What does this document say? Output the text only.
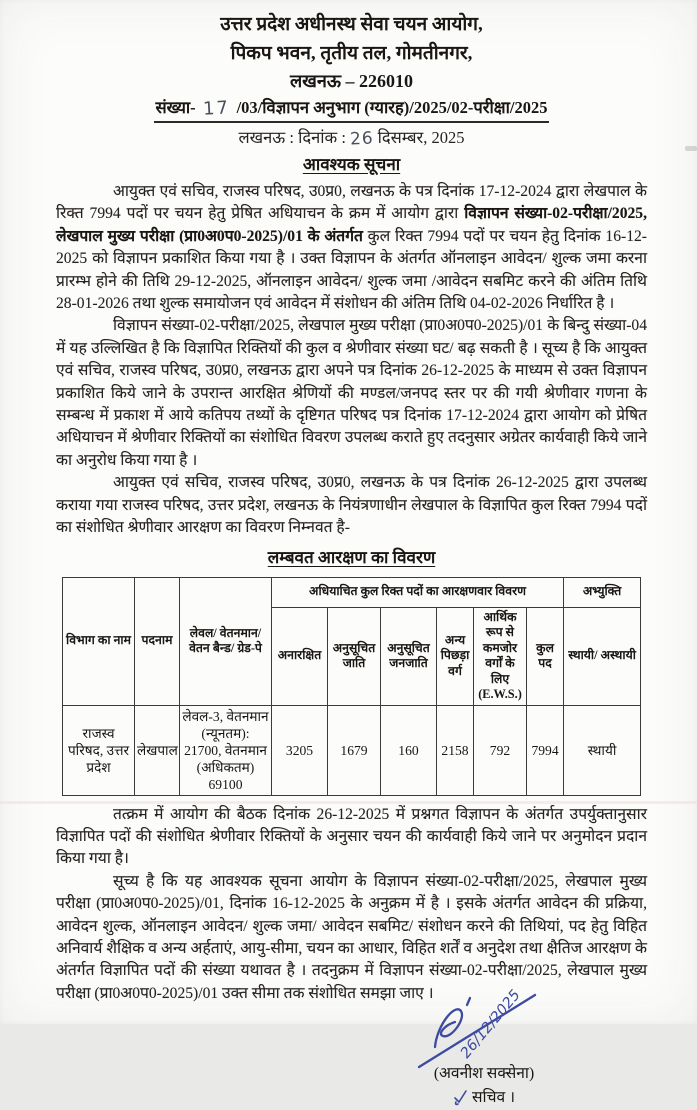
उत्तर प्रदेश अधीनस्थ सेवा चयन आयोग,
पिकप भवन, तृतीय तल, गोमतीनगर,
लखनऊ – 226010
संख्या- 17 /03/विज्ञापन अनुभाग (ग्यारह)/2025/02-परीक्षा/2025
लखनऊ : दिनांक : 26 दिसम्बर, 2025
आवश्यक सूचना

आयुक्त एवं सचिव, राजस्व परिषद, उ0प्र0, लखनऊ के पत्र दिनांक 17-12-2024 द्वारा लेखपाल के रिक्त 7994 पदों पर चयन हेतु प्रेषित अधियाचन के क्रम में आयोग द्वारा विज्ञापन संख्या-02-परीक्षा/2025, लेखपाल मुख्य परीक्षा (प्रा0अ0प0-2025)/01 के अंतर्गत कुल रिक्त 7994 पदों पर चयन हेतु दिनांक 16-12-2025 को विज्ञापन प्रकाशित किया गया है । उक्त विज्ञापन के अंतर्गत ऑनलाइन आवेदन/ शुल्क जमा करना प्रारम्भ होने की तिथि 29-12-2025, ऑनलाइन आवेदन/ शुल्क जमा /आवेदन सबमिट करने की अंतिम तिथि 28-01-2026 तथा शुल्क समायोजन एवं आवेदन में संशोधन की अंतिम तिथि 04-02-2026 निर्धारित है ।

विज्ञापन संख्या-02-परीक्षा/2025, लेखपाल मुख्य परीक्षा (प्रा0अ0प0-2025)/01 के बिन्दु संख्या-04 में यह उल्लिखित है कि विज्ञापित रिक्तियों की कुल व श्रेणीवार संख्या घट/ बढ़ सकती है । सूच्य है कि आयुक्त एवं सचिव, राजस्व परिषद, उ0प्र0, लखनऊ द्वारा अपने पत्र दिनांक 26-12-2025 के माध्यम से उक्त विज्ञापन प्रकाशित किये जाने के उपरान्त आरक्षित श्रेणियों की मण्डल/जनपद स्तर पर की गयी श्रेणीवार गणना के सम्बन्ध में प्रकाश में आये कतिपय तथ्यों के दृष्टिगत परिषद पत्र दिनांक 17-12-2024 द्वारा आयोग को प्रेषित अधियाचन में श्रेणीवार रिक्तियों का संशोधित विवरण उपलब्ध कराते हुए तदनुसार अग्रेतर कार्यवाही किये जाने का अनुरोध किया गया है ।

आयुक्त एवं सचिव, राजस्व परिषद, उ0प्र0, लखनऊ के पत्र दिनांक 26-12-2025 द्वारा उपलब्ध कराया गया राजस्व परिषद, उत्तर प्रदेश, लखनऊ के नियंत्रणाधीन लेखपाल के विज्ञापित कुल रिक्त 7994 पदों का संशोधित श्रेणीवार आरक्षण का विवरण निम्नवत है-

लम्बवत आरक्षण का विवरण
विभाग का नाम	पदनाम	लेवल/ वेतनमान/ वेतन बैन्ड/ ग्रेड-पे	अधियाचित कुल रिक्त पदों का आरक्षणवार विवरण						अभ्युक्ति
			अनारक्षित	अनुसूचित जाति	अनुसूचित जनजाति	अन्य पिछड़ा वर्ग	आर्थिक रूप से कमजोर वर्गों के लिए (E.W.S.)	कुल पद	स्थायी/ अस्थायी
राजस्व परिषद, उत्तर प्रदेश	लेखपाल	लेवल-3, वेतनमान (न्यूनतम): 21700, वेतनमान (अधिकतम) 69100	3205	1679	160	2158	792	7994	स्थायी

तत्क्रम में आयोग की बैठक दिनांक 26-12-2025 में प्रश्नगत विज्ञापन के अंतर्गत उपर्युक्तानुसार विज्ञापित पदों की संशोधित श्रेणीवार रिक्तियों के अनुसार चयन की कार्यवाही किये जाने पर अनुमोदन प्रदान किया गया है।

सूच्य है कि यह आवश्यक सूचना आयोग के विज्ञापन संख्या-02-परीक्षा/2025, लेखपाल मुख्य परीक्षा (प्रा0अ0प0-2025)/01, दिनांक 16-12-2025 के अनुक्रम में है । इसके अंतर्गत आवेदन की प्रक्रिया, आवेदन शुल्क, ऑनलाइन आवेदन/ शुल्क जमा/ आवेदन सबमिट/ संशोधन करने की तिथियां, पद हेतु विहित अनिवार्य शैक्षिक व अन्य अर्हताएं, आयु-सीमा, चयन का आधार, विहित शर्तें व अनुदेश तथा क्षैतिज आरक्षण के अंतर्गत विज्ञापित पदों की संख्या यथावत है । तदनुक्रम में विज्ञापन संख्या-02-परीक्षा/2025, लेखपाल मुख्य परीक्षा (प्रा0अ0प0-2025)/01 उक्त सीमा तक संशोधित समझा जाए ।	26/12/2025
(अवनीश सक्सेना)
सचिव ।
